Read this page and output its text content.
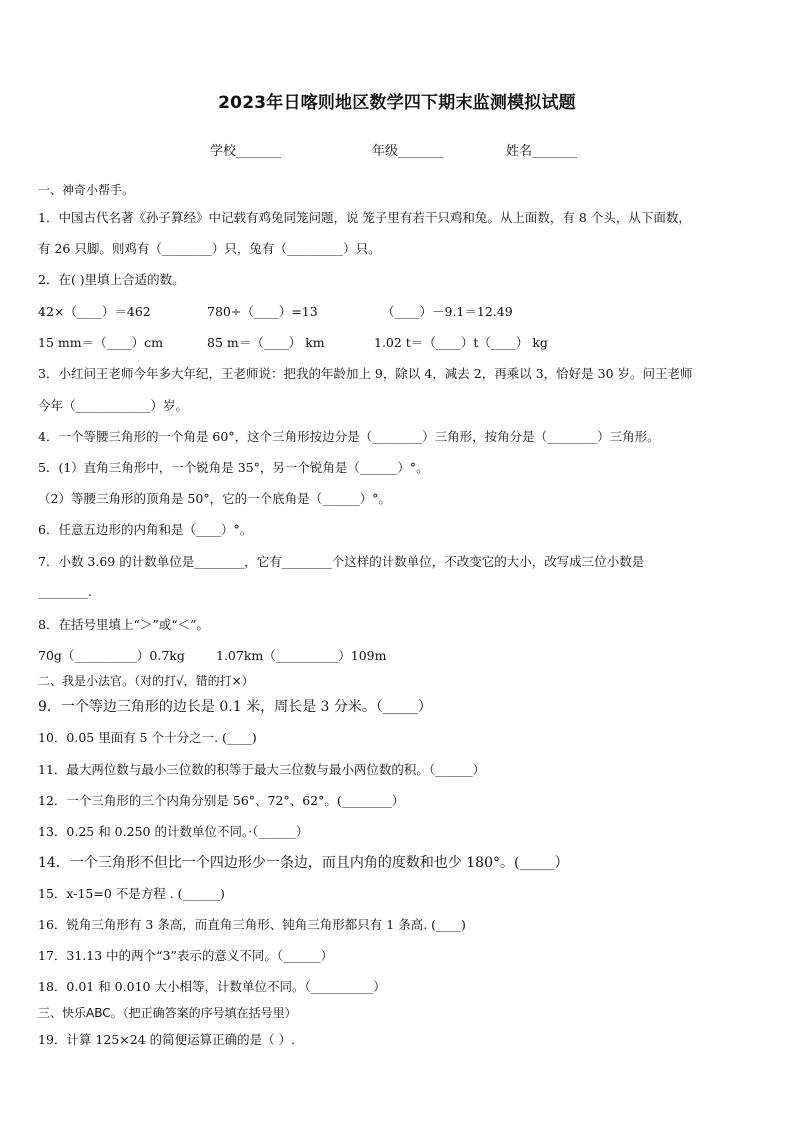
2023年日喀则地区数学四下期末监测模拟试题
学校_______	年级_______	姓名_______
一、神奇小帮手。
1．中国古代名著《孙子算经》中记载有鸡兔同笼问题，说 笼子里有若干只鸡和兔。从上面数，有 8 个头，从下面数，
有 26 只脚。则鸡有（________）只，兔有（_________）只。
2．在( )里填上合适的数。
42×（____）＝462	780÷（____）=13	（____）－9.1＝12.49
15 mm＝（____）cm	85 m＝（____） km	1.02 t＝（____）t（____） kg
3．小红问王老师今年多大年纪，王老师说：把我的年龄加上 9，除以 4，减去 2，再乘以 3，恰好是 30 岁。问王老师
今年（____________）岁。
4．一个等腰三角形的一个角是 60°，这个三角形按边分是（________）三角形，按角分是（________）三角形。
5．(1）直角三角形中，一个锐角是 35°，另一个锐角是（______）°。
（2）等腰三角形的顶角是 50°，它的一个底角是（______）°。
6．任意五边形的内角和是（____）°。
7．小数 3.69 的计数单位是________，它有________个这样的计数单位，不改变它的大小，改写成三位小数是
________.
8．在括号里填上“＞”或“＜”。
70g（__________）0.7kg 1.07km（__________）109m
二、我是小法官。（对的打√，错的打×）
9．一个等边三角形的边长是 0.1 米，周长是 3 分米。（_____）
10．0.05 里面有 5 个十分之一. (____)
11．最大两位数与最小三位数的积等于最大三位数与最小两位数的积。（______）
12．一个三角形的三个内角分别是 56°、72°、62°。(________）
13．0.25 和 0.250 的计数单位不同。·（______）
14．一个三角形不但比一个四边形少一条边，而且内角的度数和也少 180°。(_____）
15．x-15=0 不是方程 . (______)
16．锐角三角形有 3 条高，而直角三角形、钝角三角形都只有 1 条高. (____)
17．31.13 中的两个“3”表示的意义不同。（______）
18．0.01 和 0.010 大小相等，计数单位不同。（__________）
三、快乐ABC。（把正确答案的序号填在括号里）
19．计算 125×24 的简便运算正确的是（ ）.
